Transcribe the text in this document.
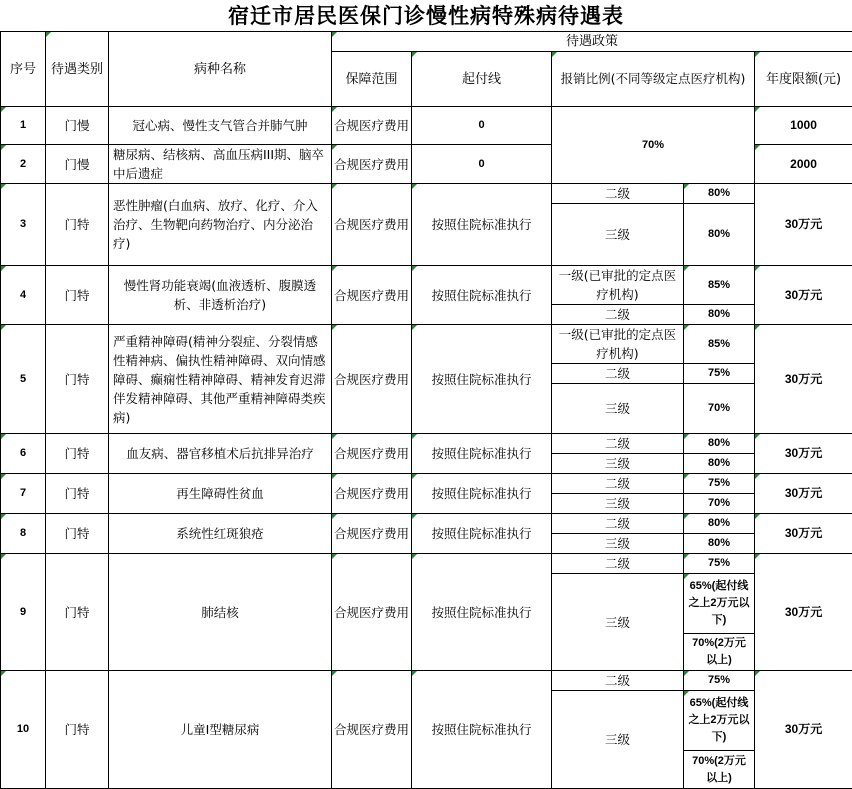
宿迁市居民医保门诊慢性病特殊病待遇表
序号	待遇类别	病种名称	待遇政策				
			保障范围	起付线	报销比例(不同等级定点医疗机构)		年度限额(元)
1	门慢	冠心病、慢性支气管合并肺气肿	合规医疗费用	0	70%		1000
2	门慢	糖尿病、结核病、高血压病III期、脑卒中后遗症	合规医疗费用	0			2000
3	门特	恶性肿瘤(白血病、放疗、化疗、介入治疗、生物靶向药物治疗、内分泌治疗)	合规医疗费用	按照住院标准执行	二级	80%	30万元
					三级	80%	
4	门特	慢性肾功能衰竭(血液透析、腹膜透析、非透析治疗)	合规医疗费用	按照住院标准执行	一级(已审批的定点医疗机构)	85%	30万元
					二级	80%	
5	门特	严重精神障碍(精神分裂症、分裂情感性精神病、偏执性精神障碍、双向情感障碍、癫痫性精神障碍、精神发育迟滞伴发精神障碍、其他严重精神障碍类疾病)	合规医疗费用	按照住院标准执行	一级(已审批的定点医疗机构)	85%	30万元
					二级	75%	
					三级	70%	
6	门特	血友病、器官移植术后抗排异治疗	合规医疗费用	按照住院标准执行	二级	80%	30万元
					三级	80%	
7	门特	再生障碍性贫血	合规医疗费用	按照住院标准执行	二级	75%	30万元
					三级	70%	
8	门特	系统性红斑狼疮	合规医疗费用	按照住院标准执行	二级	80%	30万元
					三级	80%	
9	门特	肺结核	合规医疗费用	按照住院标准执行	二级	75%	30万元
					三级	65%(起付线之上2万元以下)	
						70%(2万元以上)	
10	门特	儿童I型糖尿病	合规医疗费用	按照住院标准执行	二级	75%	30万元
					三级	65%(起付线之上2万元以下)	
						70%(2万元以上)	
